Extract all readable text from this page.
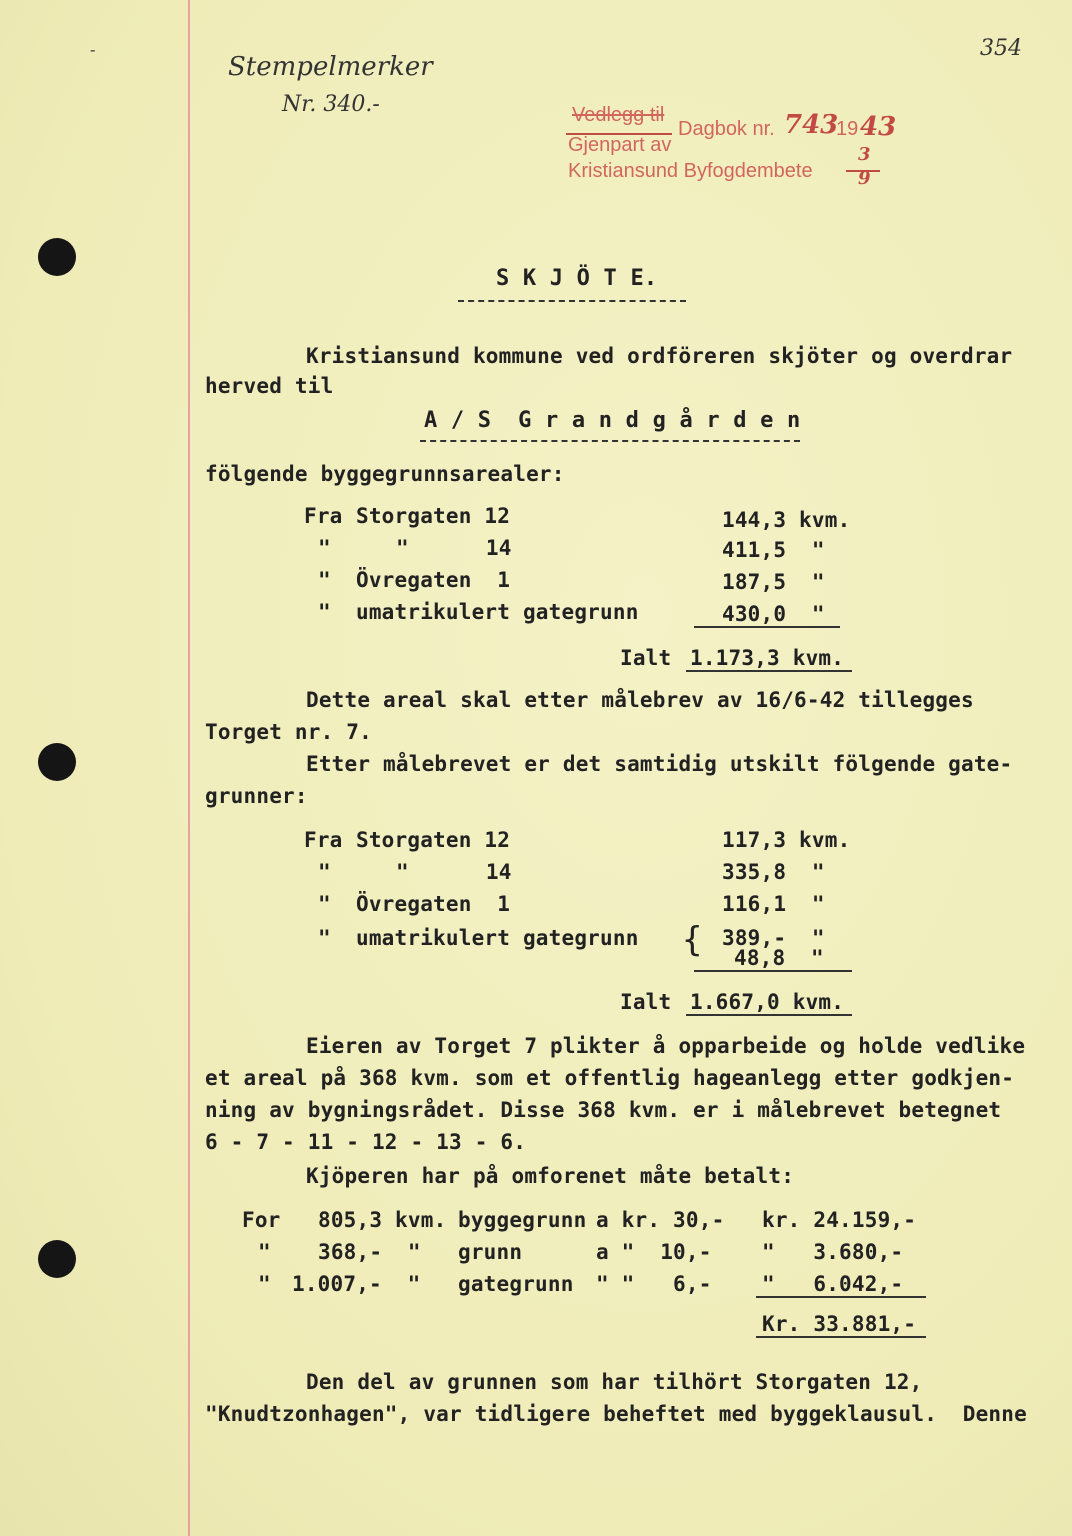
354
-
Stempelmerker
Nr. 340.-	Vedlegg til
Gjenpart av
Dagbok nr. 743
19 43
Kristiansund Byfogdembete
3
9
S K J Ö T E.
Kristiansund kommune ved ordföreren skjöter og overdrar
herved til
A / S  G r a n d g å r d e n
fölgende byggegrunnsarealer:
Fra Storgaten 12	144,3 kvm.
"	"      14	411,5  "
" Övregaten  1	187,5  "
" umatrikulert gategrunn	430,0  "
Ialt 1.173,3 kvm.
Dette areal skal etter målebrev av 16/6-42 tillegges
Torget nr. 7.
Etter målebrevet er det samtidig utskilt fölgende gate-
grunner:
Fra Storgaten 12	117,3 kvm.
"	"      14	335,8  "
" Övregaten  1	116,1  "
" umatrikulert gategrunn { 389,-  "
48,8  "
Ialt 1.667,0 kvm.
Eieren av Torget 7 plikter å opparbeide og holde vedlike
et areal på 368 kvm. som et offentlig hageanlegg etter godkjen-
ning av bygningsrådet. Disse 368 kvm. er i målebrevet betegnet
6 - 7 - 11 - 12 - 13 - 6.
Kjöperen har på omforenet måte betalt:
For 805,3 kvm. byggegrunn a kr. 30,- kr. 24.159,-
" 368,-  " grunn	a "  10,- "   3.680,-
" 1.007,-  " gategrunn " "   6,- "   6.042,-
Kr. 33.881,-
Den del av grunnen som har tilhört Storgaten 12,
"Knudtzonhagen", var tidligere beheftet med byggeklausul.  Denne
